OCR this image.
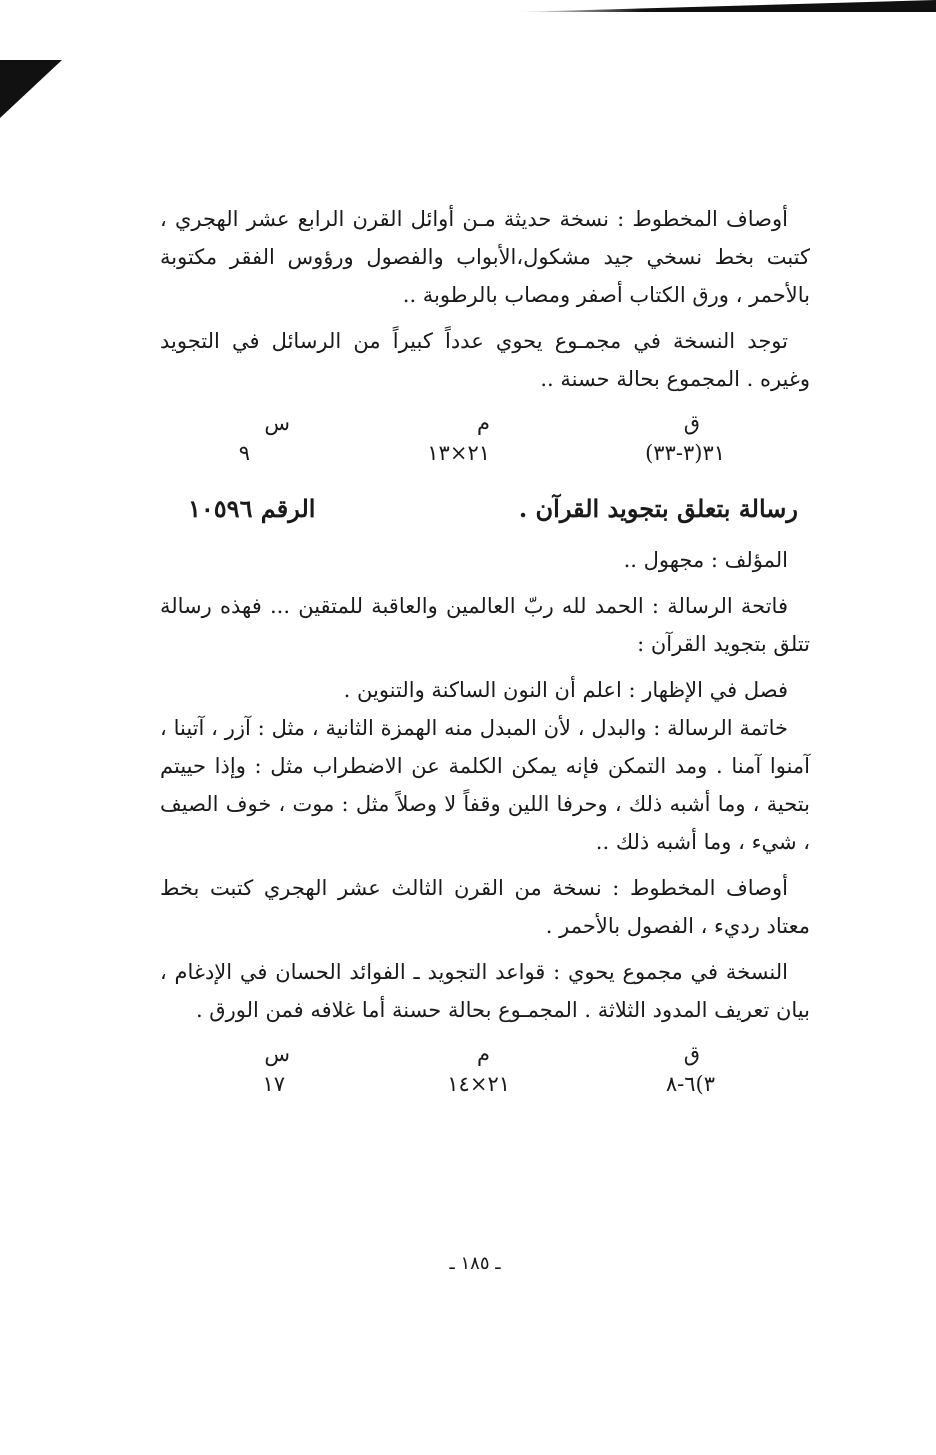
أوصاف المخطوط : نسخة حديثة مـن أوائل القرن الرابع عشر الهجري ، كتبت بخط نسخي جيد مشكول،الأبواب والفصول ورؤوس الفقر مكتوبة بالأحمر ، ورق الكتاب أصفر ومصاب بالرطوبة ..

توجد النسخة في مجمـوع يحوي عدداً كبيراً من الرسائل في التجويد وغيره . المجموع بحالة حسنة ..

ق
م
س
٣١(٣-٣٣)
٢١×١٣
٩
رسالة بتعلق بتجويد القرآن .
الرقم ١٠٥٩٦

المؤلف : مجهول ..

فاتحة الرسالة : الحمد لله ربّ العالمين والعاقبة للمتقين ... فهذه رسالة تتلق بتجويد القرآن :

فصل في الإظهار : اعلم أن النون الساكنة والتنوين .

خاتمة الرسالة : والبدل ، لأن المبدل منه الهمزة الثانية ، مثل : آزر ، آتينا ، آمنوا آمنا . ومد التمكن فإنه يمكن الكلمة عن الاضطراب مثل : وإذا حييتم بتحية ، وما أشبه ذلك ، وحرفا اللين وقفاً لا وصلاً مثل : موت ، خوف الصيف ، شيء ، وما أشبه ذلك ..

أوصاف المخطوط : نسخة من القرن الثالث عشر الهجري كتبت بخط معتاد رديء ، الفصول بالأحمر .

النسخة في مجموع يحوي : قواعد التجويد ـ الفوائد الحسان في الإدغام ، بيان تعريف المدود الثلاثة . المجمـوع بحالة حسنة أما غلافه فمن الورق .

ق
م
س
٣)٦-٨
٢١×١٤
١٧
ـ ١٨٥ ـ
